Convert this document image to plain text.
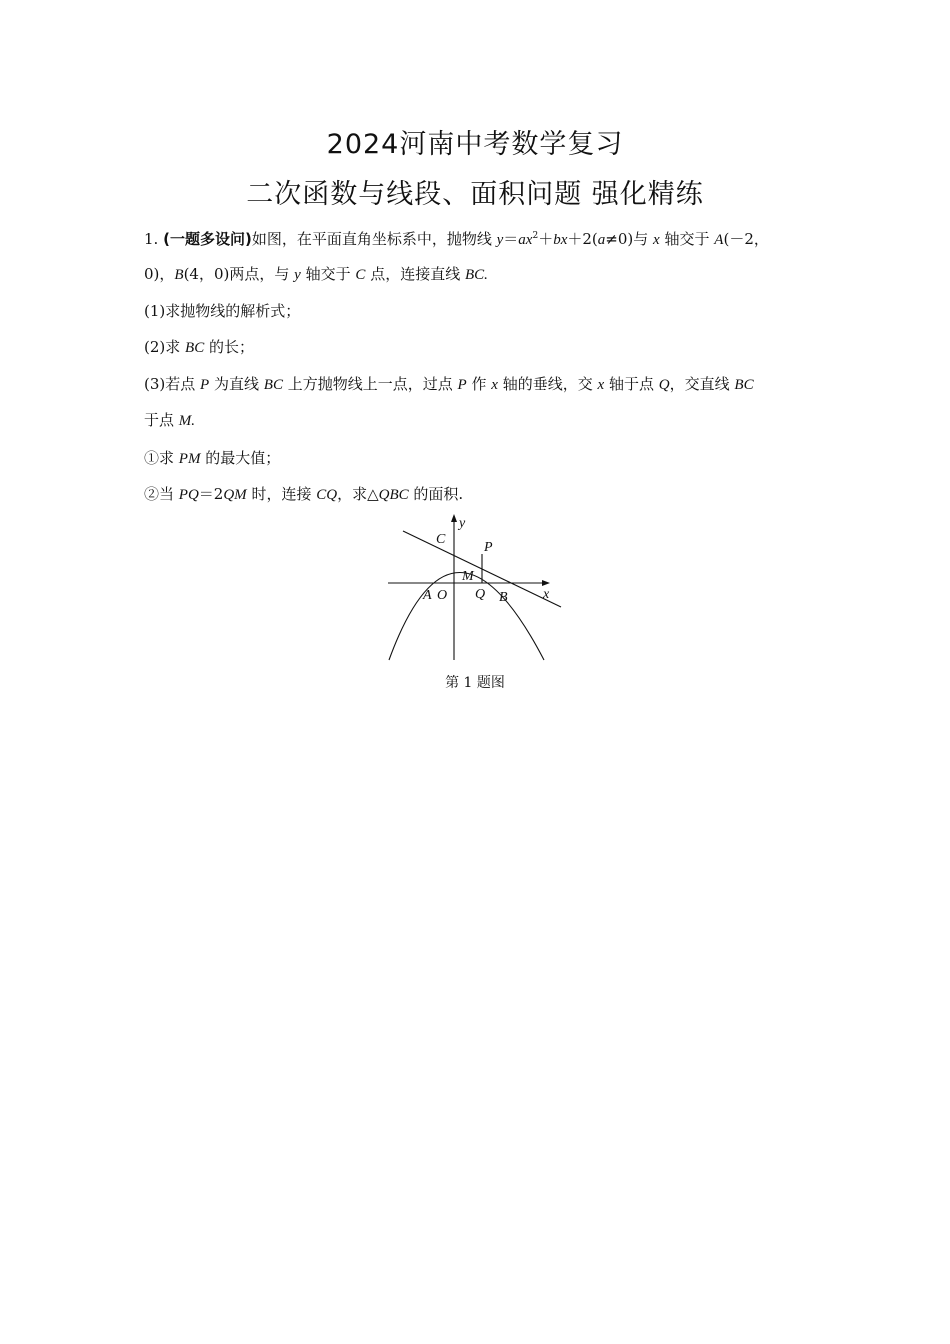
2024河南中考数学复习
二次函数与线段、面积问题 强化精练
1. (一题多设问)如图，在平面直角坐标系中，抛物线 $y=ax^2+bx+2(a\ne 0)$与 x 轴交于 A(－2，
0)，B(4，0)两点，与 y 轴交于 C 点，连接直线 BC.
(1)求抛物线的解析式；
(2)求 BC 的长；
(3)若点 P 为直线 BC 上方抛物线上一点，过点 P 作 x 轴的垂线，交 x 轴于点 Q，交直线 BC
于点 M.
①求 PM 的最大值；
②当 PQ＝2QM 时，连接 CQ，求△QBC 的面积.
y
x
C
P
M
A O Q B
第 1 题图
